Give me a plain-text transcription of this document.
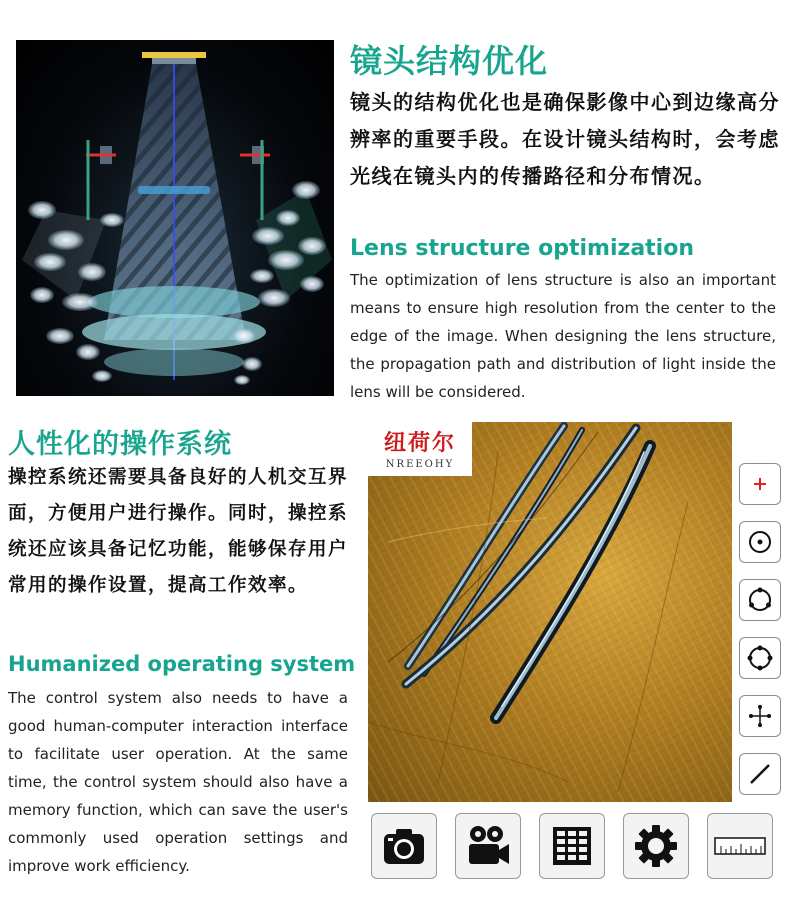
镜头结构优化
镜头的结构优化也是确保影像中心到边缘高分辨率的重要手段。在设计镜头结构时，会考虑光线在镜头内的传播路径和分布情况。
Lens structure optimization
The optimization of lens structure is also an important means to ensure high resolution from the center to the edge of the image. When designing the lens structure, the propagation path and distribution of light inside the lens will be considered.
人性化的操作系统
操控系统还需要具备良好的人机交互界面，方便用户进行操作。同时，操控系统还应该具备记忆功能，能够保存用户常用的操作设置，提高工作效率。
Humanized operating system
The control system also needs to have a good human-computer interaction interface to facilitate user operation. At the same time, the control system should also have a memory function, which can save the user's commonly used operation settings and improve work efficiency.
纽荷尔
NREEOHY
